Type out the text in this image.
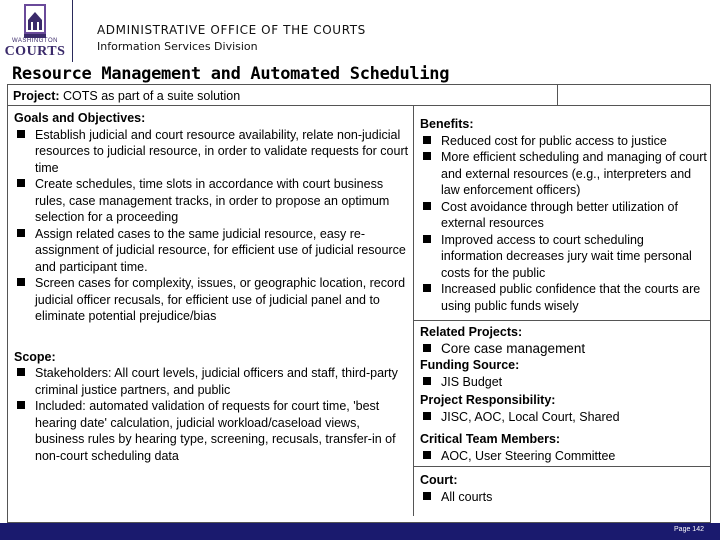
WASHINGTON
COURTS
ADMINISTRATIVE OFFICE OF THE COURTS
Information Services Division
Resource Management and Automated Scheduling
Project: COTS as part of a suite solution
Goals and Objectives:
Establish judicial and court resource availability, relate non-judicial resources to judicial resource, in order to validate requests for court time
Create schedules, time slots in accordance with court business rules, case management tracks, in order to propose an optimum selection for a proceeding
Assign related cases to the same judicial resource, easy re-assignment of judicial resource, for efficient use of judicial resource and participant time.
Screen cases for complexity, issues, or geographic location, record judicial officer recusals, for efficient use of judicial panel and to eliminate potential prejudice/bias
Scope:
Stakeholders: All court levels, judicial officers and staff, third-party criminal justice partners, and public
Included: automated validation of requests for court time, 'best hearing date' calculation, judicial workload/caseload views, business rules by hearing type, screening, recusals, transfer-in of non-court scheduling data
Benefits:
Reduced cost for public access to justice
More efficient scheduling and managing of court and external resources (e.g., interpreters and law enforcement officers)
Cost avoidance through better utilization of external resources
Improved access to court scheduling information decreases jury wait time personal costs for the public
Increased public confidence that the courts are using public funds wisely
Related Projects:
Core case management
Funding Source:
JIS Budget
Project Responsibility:
JISC, AOC, Local Court, Shared
Critical Team Members:
AOC, User Steering Committee
Court:
All courts
Page 142
